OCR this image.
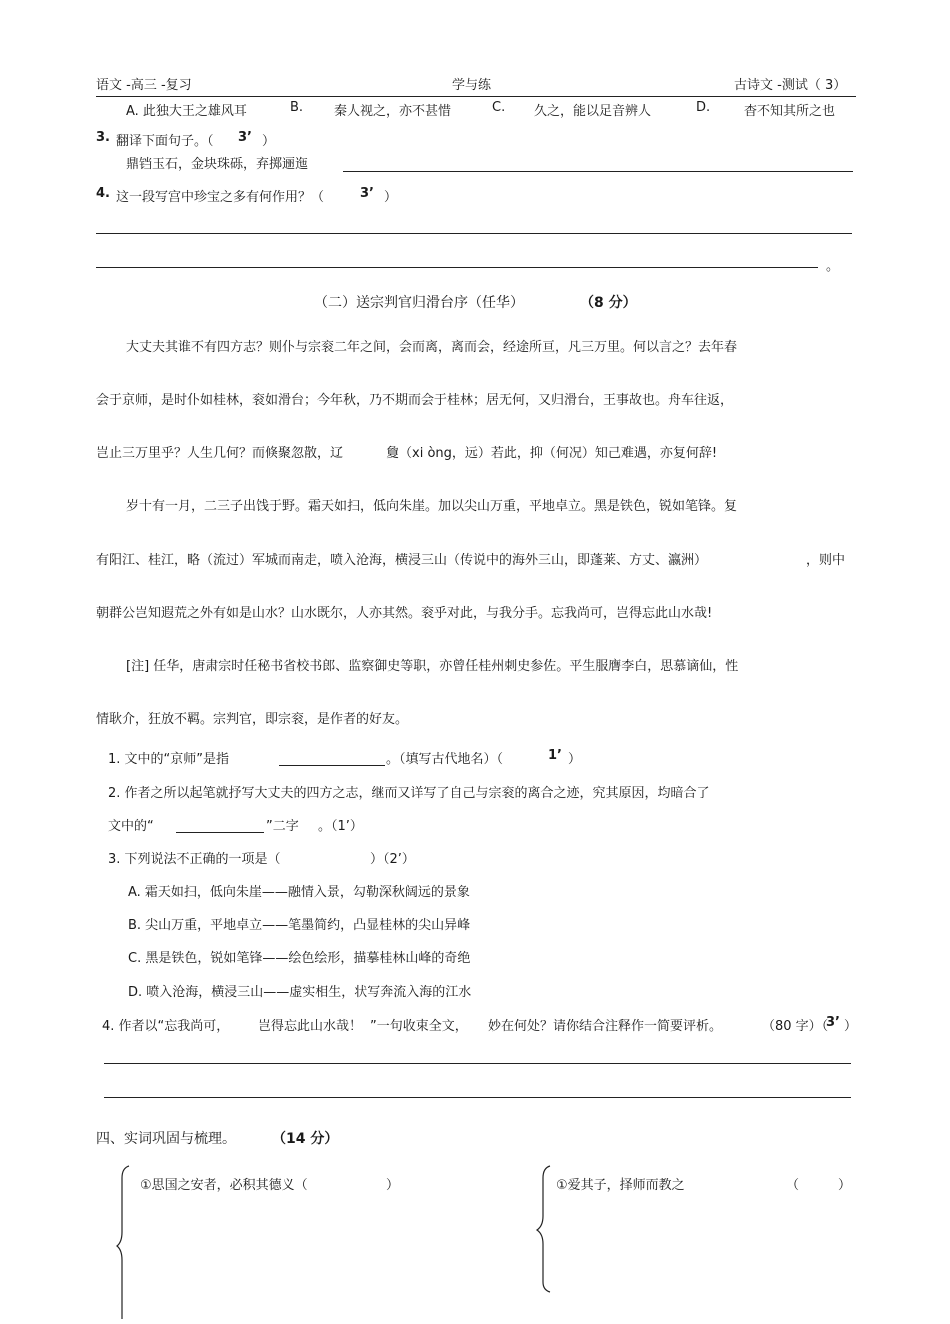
语文 -高三 -复习	学与练	古诗文 -测试（ 3）
A. 此独大王之雄风耳	B. 秦人视之，亦不甚惜	C. 久之，能以足音辨人	D.	杳不知其所之也
3. 翻译下面句子。（ 3’ ）
鼎铛玉石，金块珠砾，弃掷逦迤
4. 这一段写宫中珍宝之多有何作用？（	3’ ）
。
（二）送宗判官归滑台序（任华）	（8 分）
大丈夫其谁不有四方志？则仆与宗衮二年之间，会而离，离而会，经途所亘，凡三万里。何以言之？去年春
会于京师，是时仆如桂林，衮如滑台；今年秋，乃不期而会于桂林；居无何，又归滑台，王事故也。舟车往返，
岂止三万里乎？人生几何？而倏聚忽散，辽	敻（xi òng，远）若此，抑（何况）知己难遇，亦复何辞!
岁十有一月，二三子出饯于野。霜天如扫，低向朱崖。加以尖山万重，平地卓立。黑是铁色，锐如笔锋。复
有阳江、桂江，略（流过）军城而南走，喷入沧海，横浸三山（传说中的海外三山，即蓬莱、方丈、瀛洲）	，则中
朝群公岂知遐荒之外有如是山水？山水既尔，人亦其然。衮乎对此，与我分手。忘我尚可，岂得忘此山水哉!
[注] 任华，唐肃宗时任秘书省校书郎、监察御史等职，亦曾任桂州刺史参佐。平生服膺李白，思慕谪仙，性
情耿介，狂放不羁。宗判官，即宗衮，是作者的好友。
1. 文中的“京师”是指	。（填写古代地名）（	1’ ）
2. 作者之所以起笔就抒写大丈夫的四方之志，继而又详写了自己与宗衮的离合之迹，究其原因，均暗合了
文中的“	”二字 。（1’）
3. 下列说法不正确的一项是（	）（2’）
A. 霜天如扫，低向朱崖——融情入景，勾勒深秋阔远的景象
B. 尖山万重，平地卓立——笔墨简约，凸显桂林的尖山异峰
C. 黑是铁色，锐如笔锋——绘色绘形，描摹桂林山峰的奇绝
D. 喷入沧海，横浸三山——虚实相生，状写奔流入海的江水
4. 作者以“忘我尚可， 岂得忘此山水哉！ ”一句收束全文， 妙在何处？请你结合注释作一简要评析。	（80 字）（
3’ ）
四、实词巩固与梳理。	（14 分）
①思国之安者，必积其德义（	）	①爱其子，择师而教之	（	）
